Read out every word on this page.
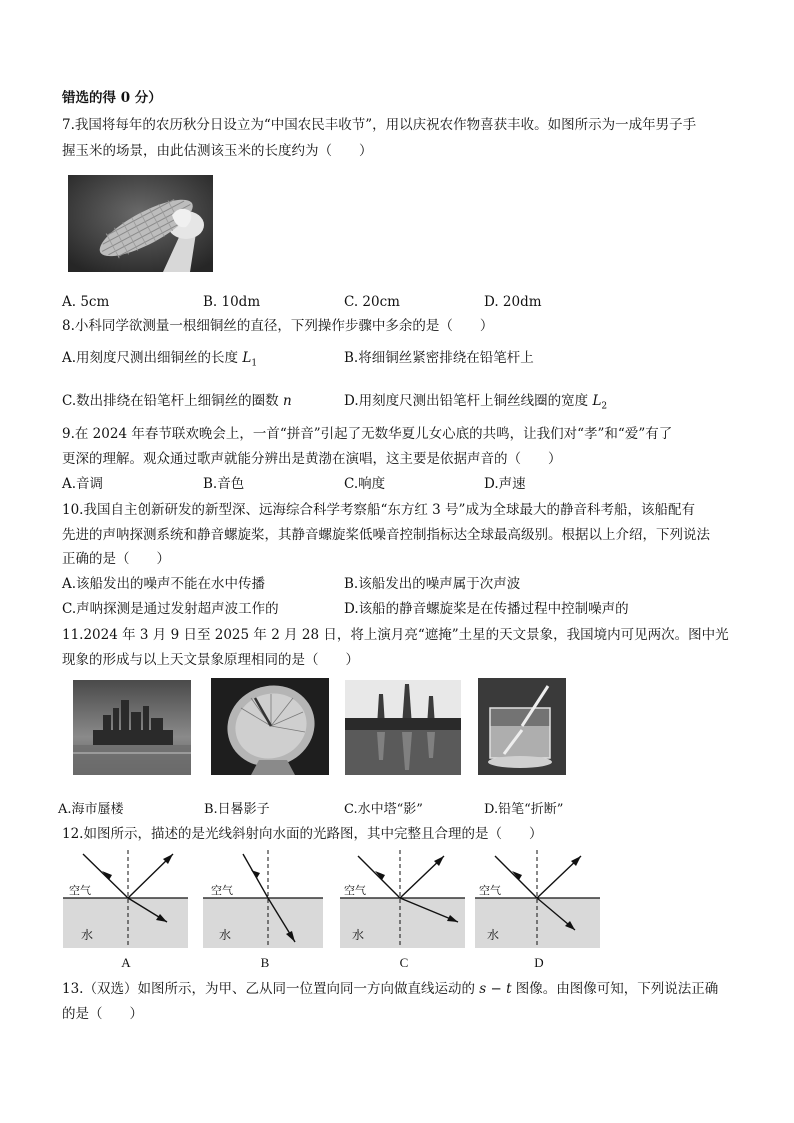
错选的得 0 分）
7.我国将每年的农历秋分日设立为“中国农民丰收节”，用以庆祝农作物喜获丰收。如图所示为一成年男子手
握玉米的场景，由此估测该玉米的长度约为（　　）
A. 5cm	B. 10dm	C. 20cm	D. 20dm
8.小科同学欲测量一根细铜丝的直径，下列操作步骤中多余的是（　　）
A.用刻度尺测出细铜丝的长度 $L_1$	B.将细铜丝紧密排绕在铅笔杆上
C.数出排绕在铅笔杆上细铜丝的圈数 n	D.用刻度尺测出铅笔杆上铜丝线圈的宽度 $L_2$
9.在 2024 年春节联欢晚会上，一首“拼音”引起了无数华夏儿女心底的共鸣，让我们对“孝”和“爱”有了
更深的理解。观众通过歌声就能分辨出是黄渤在演唱，这主要是依据声音的（　　）
A.音调	B.音色	C.响度	D.声速
10.我国自主创新研发的新型深、远海综合科学考察船“东方红 3 号”成为全球最大的静音科考船，该船配有
先进的声呐探测系统和静音螺旋桨，其静音螺旋桨低噪音控制指标达全球最高级别。根据以上介绍，下列说法
正确的是（　　）
A.该船发出的噪声不能在水中传播	B.该船发出的噪声属于次声波
C.声呐探测是通过发射超声波工作的	D.该船的静音螺旋桨是在传播过程中控制噪声的
11.2024 年 3 月 9 日至 2025 年 2 月 28 日，将上演月亮“遮掩”土星的天文景象，我国境内可见两次。图中光
现象的形成与以上天文景象原理相同的是（　　）
A.海市蜃楼	B.日晷影子	C.水中塔“影”	D.铅笔“折断”
12.如图所示，描述的是光线斜射向水面的光路图，其中完整且合理的是（　　）
空气
水
空气
水
空气
水
空气
水
A	B	C	D
13.（双选）如图所示，为甲、乙从同一位置向同一方向做直线运动的 s − t 图像。由图像可知，下列说法正确
的是（　　）
